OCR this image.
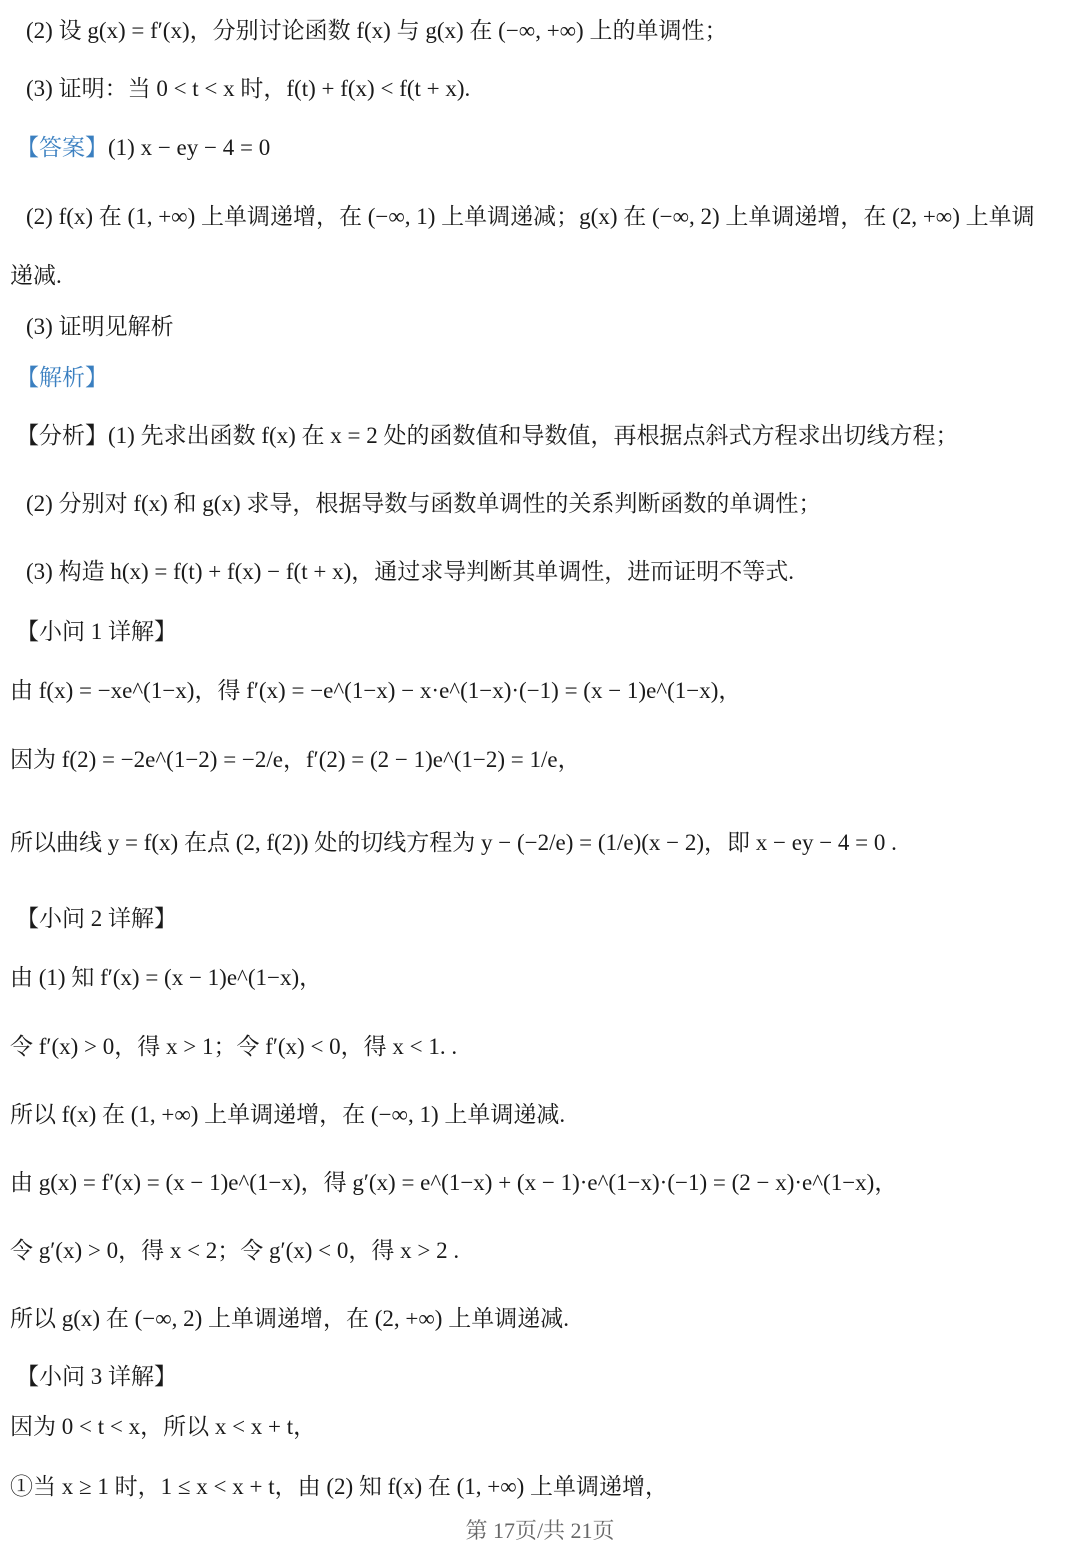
(2) 设 g(x) = f′(x)，分别讨论函数 f(x) 与 g(x) 在 (−∞, +∞) 上的单调性；
(3) 证明：当 0 < t < x 时，f(t) + f(x) < f(t + x).
【答案】(1) x − ey − 4 = 0
(2) f(x) 在 (1, +∞) 上单调递增，在 (−∞, 1) 上单调递减；g(x) 在 (−∞, 2) 上单调递增，在 (2, +∞) 上单调
递减.
(3) 证明见解析
【解析】
【分析】(1) 先求出函数 f(x) 在 x = 2 处的函数值和导数值，再根据点斜式方程求出切线方程；
(2) 分别对 f(x) 和 g(x) 求导，根据导数与函数单调性的关系判断函数的单调性；
(3) 构造 h(x) = f(t) + f(x) − f(t + x)，通过求导判断其单调性，进而证明不等式.
【小问 1 详解】
由 f(x) = −xe^(1−x)，得 f′(x) = −e^(1−x) − x·e^(1−x)·(−1) = (x − 1)e^(1−x)，
因为 f(2) = −2e^(1−2) = −2/e，f′(2) = (2 − 1)e^(1−2) = 1/e，
所以曲线 y = f(x) 在点 (2, f(2)) 处的切线方程为 y − (−2/e) = (1/e)(x − 2)，即 x − ey − 4 = 0 .
【小问 2 详解】
由 (1) 知 f′(x) = (x − 1)e^(1−x)，
令 f′(x) > 0，得 x > 1；令 f′(x) < 0，得 x < 1. .
所以 f(x) 在 (1, +∞) 上单调递增，在 (−∞, 1) 上单调递减.
由 g(x) = f′(x) = (x − 1)e^(1−x)，得 g′(x) = e^(1−x) + (x − 1)·e^(1−x)·(−1) = (2 − x)·e^(1−x)，
令 g′(x) > 0，得 x < 2；令 g′(x) < 0，得 x > 2 .
所以 g(x) 在 (−∞, 2) 上单调递增，在 (2, +∞) 上单调递减.
【小问 3 详解】
因为 0 < t < x，所以 x < x + t，
①当 x ≥ 1 时，1 ≤ x < x + t，由 (2) 知 f(x) 在 (1, +∞) 上单调递增，
第 17页/共 21页
